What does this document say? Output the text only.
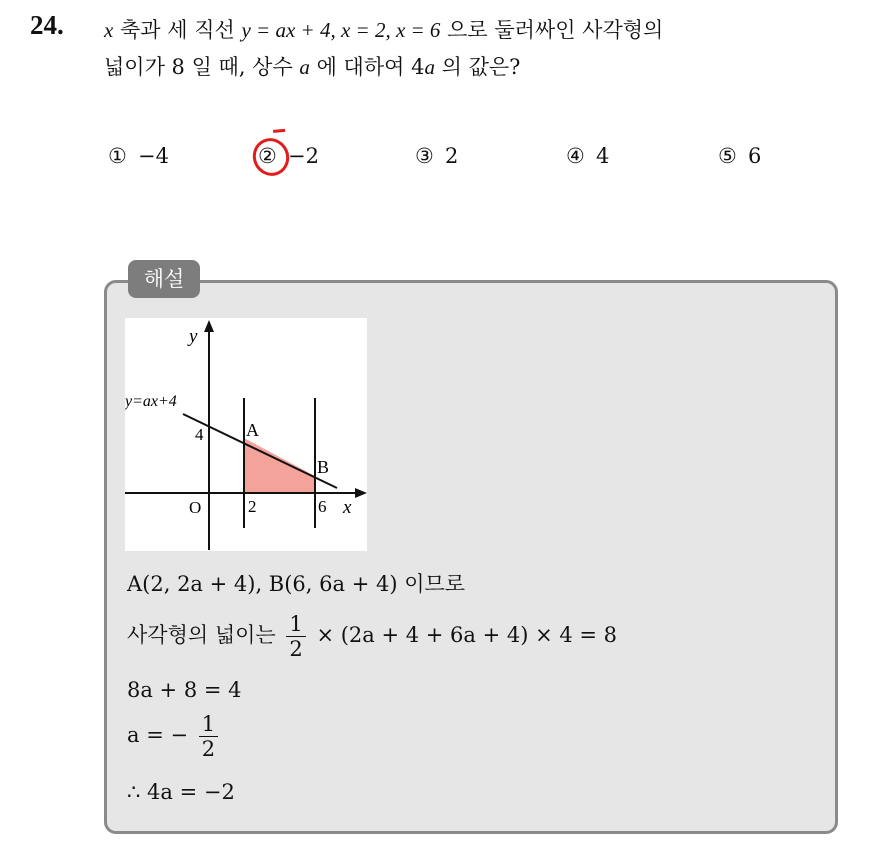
24. x 축과 세 직선 y = ax + 4, x = 2, x = 6 으로 둘러싸인 사각형의
넓이가 8 일 때, 상수 a 에 대하여 4a 의 값은?
① −4	② −2	③ 2	④ 4	⑤ 6
해설
y
y=ax+4
4 A
B
O	2	6 x
A(2, 2a + 4), B(6, 6a + 4) 이므로
사각형의 넓이는 $\frac{1}{2} \times (2a + 4 + 6a + 4) \times 4 = 8$
8a + 8 = 4
a = − $\frac{1}{2}$
∴ 4a = −2
